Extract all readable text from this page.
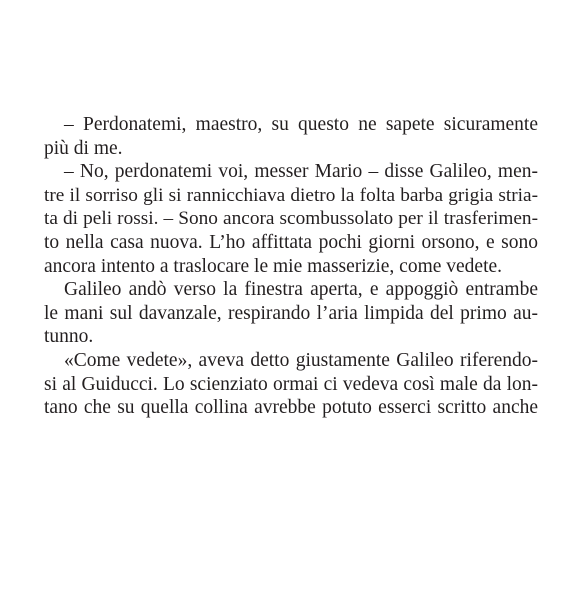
– Perdonatemi, maestro, su questo ne sapete sicuramente
più di me.
– No, perdonatemi voi, messer Mario – disse Galileo, men-
tre il sorriso gli si rannicchiava dietro la folta barba grigia stria-
ta di peli rossi. – Sono ancora scombussolato per il trasferimen-
to nella casa nuova. L’ho affittata pochi giorni orsono, e sono
ancora intento a traslocare le mie masserizie, come vedete.
Galileo andò verso la finestra aperta, e appoggiò entrambe
le mani sul davanzale, respirando l’aria limpida del primo au-
tunno.
«Come vedete», aveva detto giustamente Galileo riferendo-
si al Guiducci. Lo scienziato ormai ci vedeva così male da lon-
tano che su quella collina avrebbe potuto esserci scritto anche
